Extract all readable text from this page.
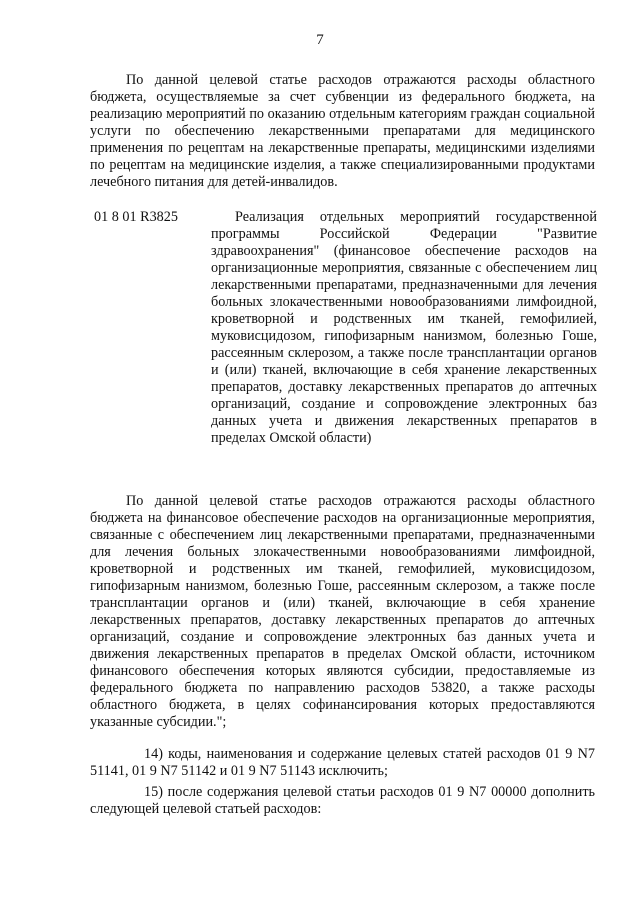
7
По данной целевой статье расходов отражаются расходы областного бюджета, осуществляемые за счет субвенции из федерального бюджета, на реализацию мероприятий по оказанию отдельным категориям граждан социальной услуги по обеспечению лекарственными препаратами для медицинского применения по рецептам на лекарственные препараты, медицинскими изделиями по рецептам на медицинские изделия, а также специализированными продуктами лечебного питания для детей-инвалидов.
01 8 01 R3825	Реализация отдельных мероприятий государственной программы Российской Федерации "Развитие здравоохранения" (финансовое обеспечение расходов на организационные мероприятия, связанные с обеспечением лиц лекарственными препаратами, предназначенными для лечения больных злокачественными новообразованиями лимфоидной, кроветворной и родственных им тканей, гемофилией, муковисцидозом, гипофизарным нанизмом, болезнью Гоше, рассеянным склерозом, а также после трансплантации органов и (или) тканей, включающие в себя хранение лекарственных препаратов, доставку лекарственных препаратов до аптечных организаций, создание и сопровождение электронных баз данных учета и движения лекарственных препаратов в пределах Омской области)
По данной целевой статье расходов отражаются расходы областного бюджета на финансовое обеспечение расходов на организационные мероприятия, связанные с обеспечением лиц лекарственными препаратами, предназначенными для лечения больных злокачественными новообразованиями лимфоидной, кроветворной и родственных им тканей, гемофилией, муковисцидозом, гипофизарным нанизмом, болезнью Гоше, рассеянным склерозом, а также после трансплантации органов и (или) тканей, включающие в себя хранение лекарственных препаратов, доставку лекарственных препаратов до аптечных организаций, создание и сопровождение электронных баз данных учета и движения лекарственных препаратов в пределах Омской области, источником финансового обеспечения которых являются субсидии, предоставляемые из федерального бюджета по направлению расходов 53820, а также расходы областного бюджета, в целях софинансирования которых предоставляются указанные субсидии.";
14) коды, наименования и содержание целевых статей расходов 01 9 N7 51141, 01 9 N7 51142 и 01 9 N7 51143 исключить;
15) после содержания целевой статьи расходов 01 9 N7 00000 дополнить следующей целевой статьей расходов:
